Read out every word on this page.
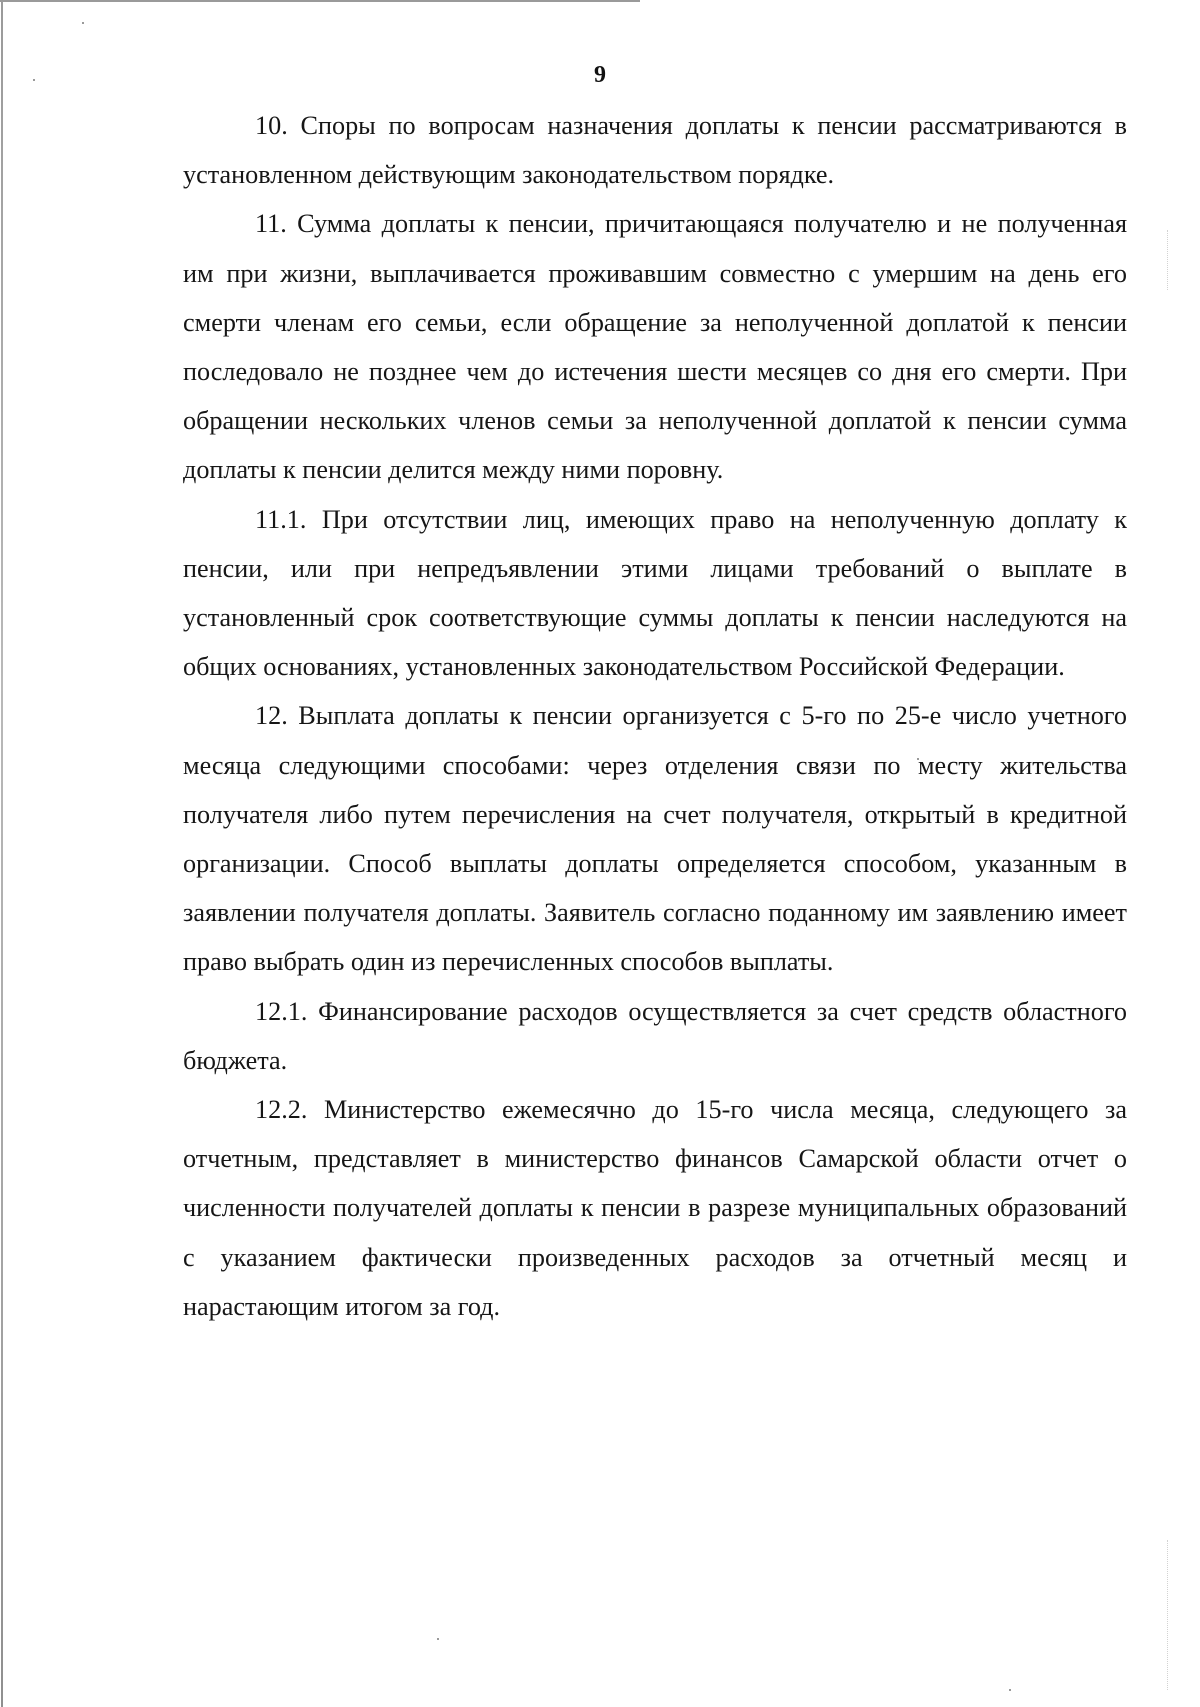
9

10. Споры по вопросам назначения доплаты к пенсии рассматриваются в установленном действующим законодательством порядке.

11. Сумма доплаты к пенсии, причитающаяся получателю и не полученная им при жизни, выплачивается проживавшим совместно с умершим на день его смерти членам его семьи, если обращение за неполученной доплатой к пенсии последовало не позднее чем до истечения шести месяцев со дня его смерти. При обращении нескольких членов семьи за неполученной доплатой к пенсии сумма доплаты к пенсии делится между ними поровну.

11.1. При отсутствии лиц, имеющих право на неполученную доплату к пенсии, или при непредъявлении этими лицами требований о выплате в установленный срок соответствующие суммы доплаты к пенсии наследуются на общих основаниях, установленных законодательством Российской Федерации.

12. Выплата доплаты к пенсии организуется с 5-го по 25-е число учетного месяца следующими способами: через отделения связи по месту жительства получателя либо путем перечисления на счет получателя, открытый в кредитной организации. Способ выплаты доплаты определяется способом, указанным в заявлении получателя доплаты. Заявитель согласно поданному им заявлению имеет право выбрать один из перечисленных способов выплаты.

12.1. Финансирование расходов осуществляется за счет средств областного бюджета.

12.2. Министерство ежемесячно до 15-го числа месяца, следующего за отчетным, представляет в министерство финансов Самарской области отчет о численности получателей доплаты к пенсии в разрезе муниципальных образований с указанием фактически произведенных расходов за отчетный месяц и нарастающим итогом за год.
